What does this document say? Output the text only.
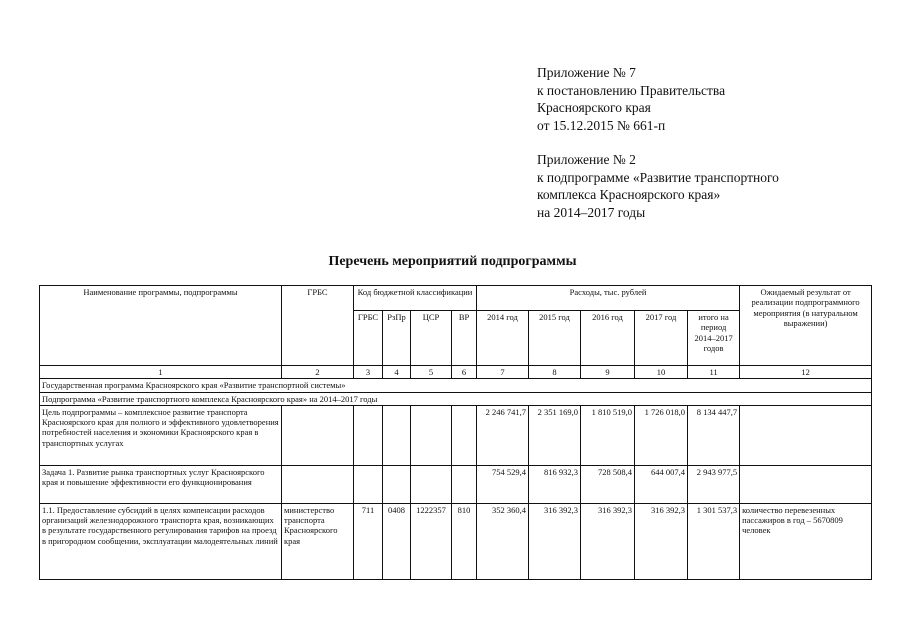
Приложение № 7
к постановлению Правительства
Красноярского края
от 15.12.2015 № 661-п
Приложение № 2
к подпрограмме «Развитие транспортного
комплекса Красноярского края»
на 2014–2017 годы
Перечень мероприятий подпрограммы
Наименование программы, подпрограммы	ГРБС	Код бюджетной классификации				Расходы, тыс. рублей					Ожидаемый результат от реализации подпрограммного мероприятия (в натуральном выражении)
		ГРБС	РзПр	ЦСР	ВР	2014 год	2015 год	2016 год	2017 год	итого на период 2014–2017 годов	
1	2	3	4	5	6	7	8	9	10	11	12
Государственная программа Красноярского края «Развитие транспортной системы»											
Подпрограмма «Развитие транспортного комплекса Красноярского края» на 2014–2017 годы											
Цель подпрограммы – комплексное развитие транспорта Красноярского края для полного и эффективного удовлетворения потребностей населения и экономики Красноярского края в транспортных услугах						2 246 741,7	2 351 169,0	1 810 519,0	1 726 018,0	8 134 447,7	
Задача 1. Развитие рынка транспортных услуг Красноярского края и повышение эффективности его функционирования						754 529,4	816 932,3	728 508,4	644 007,4	2 943 977,5	
1.1. Предоставление субсидий в целях компенсации расходов организаций железнодорожного транспорта края, возникающих в результате государственного регулирования тарифов на проезд в пригородном сообщении, эксплуатации малодеятельных линий	министерство транспорта Красноярского края	711	0408	1222357	810	352 360,4	316 392,3	316 392,3	316 392,3	1 301 537,3	количество перевезенных пассажиров в год – 5670809 человек
